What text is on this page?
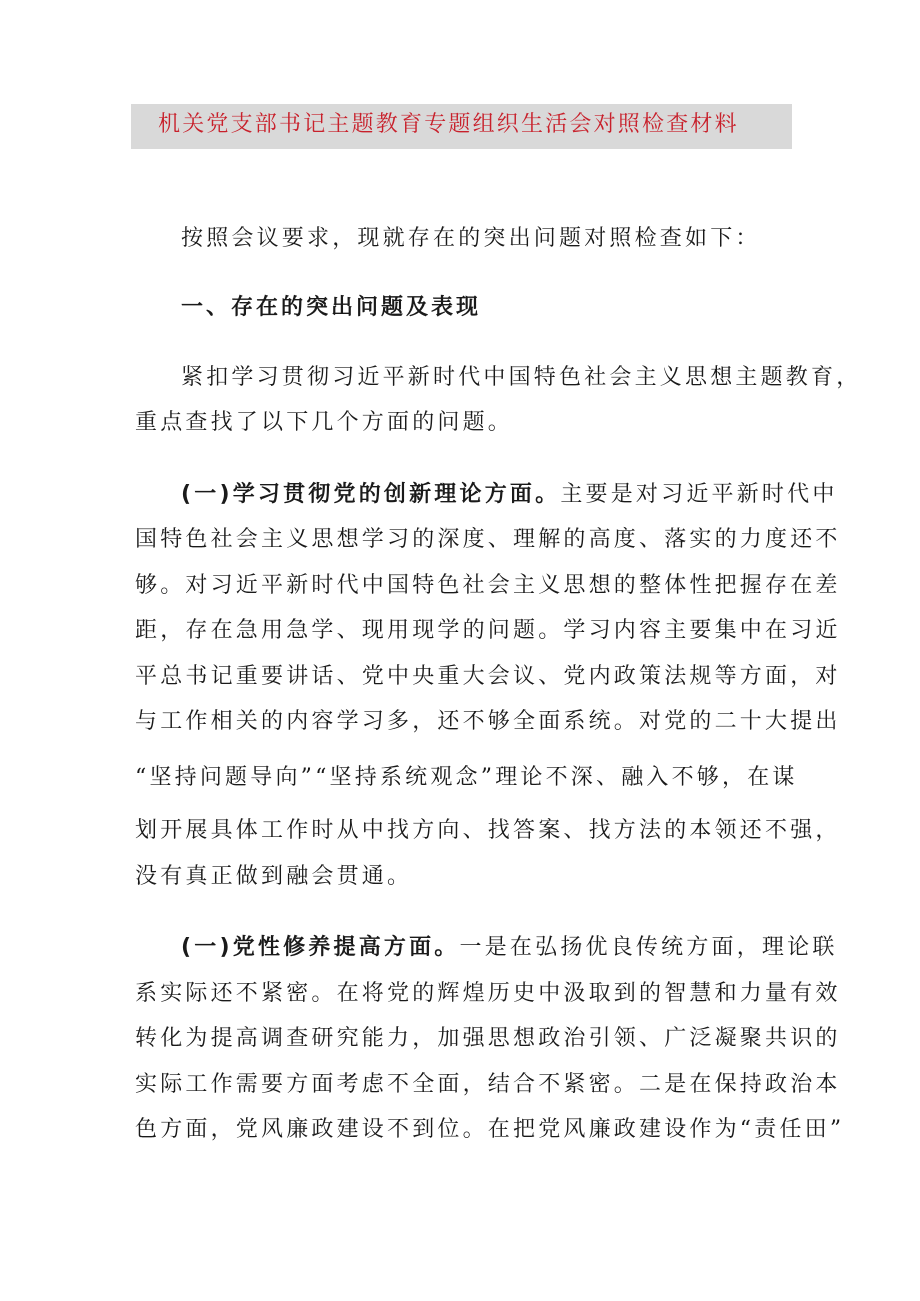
机关党支部书记主题教育专题组织生活会对照检查材料
按照会议要求，现就存在的突出问题对照检查如下：
一、存在的突出问题及表现
紧扣学习贯彻习近平新时代中国特色社会主义思想主题教育，
重点查找了以下几个方面的问题。
(一)学习贯彻党的创新理论方面。主要是对习近平新时代中
国特色社会主义思想学习的深度、理解的高度、落实的力度还不
够。对习近平新时代中国特色社会主义思想的整体性把握存在差
距，存在急用急学、现用现学的问题。学习内容主要集中在习近
平总书记重要讲话、党中央重大会议、党内政策法规等方面，对
与工作相关的内容学习多，还不够全面系统。对党的二十大提出
“坚持问题导向”“坚持系统观念”理论不深、融入不够，在谋
划开展具体工作时从中找方向、找答案、找方法的本领还不强，
没有真正做到融会贯通。
(一)党性修养提高方面。一是在弘扬优良传统方面，理论联
系实际还不紧密。在将党的辉煌历史中汲取到的智慧和力量有效
转化为提高调查研究能力，加强思想政治引领、广泛凝聚共识的
实际工作需要方面考虑不全面，结合不紧密。二是在保持政治本
色方面，党风廉政建设不到位。在把党风廉政建设作为“责任田”
